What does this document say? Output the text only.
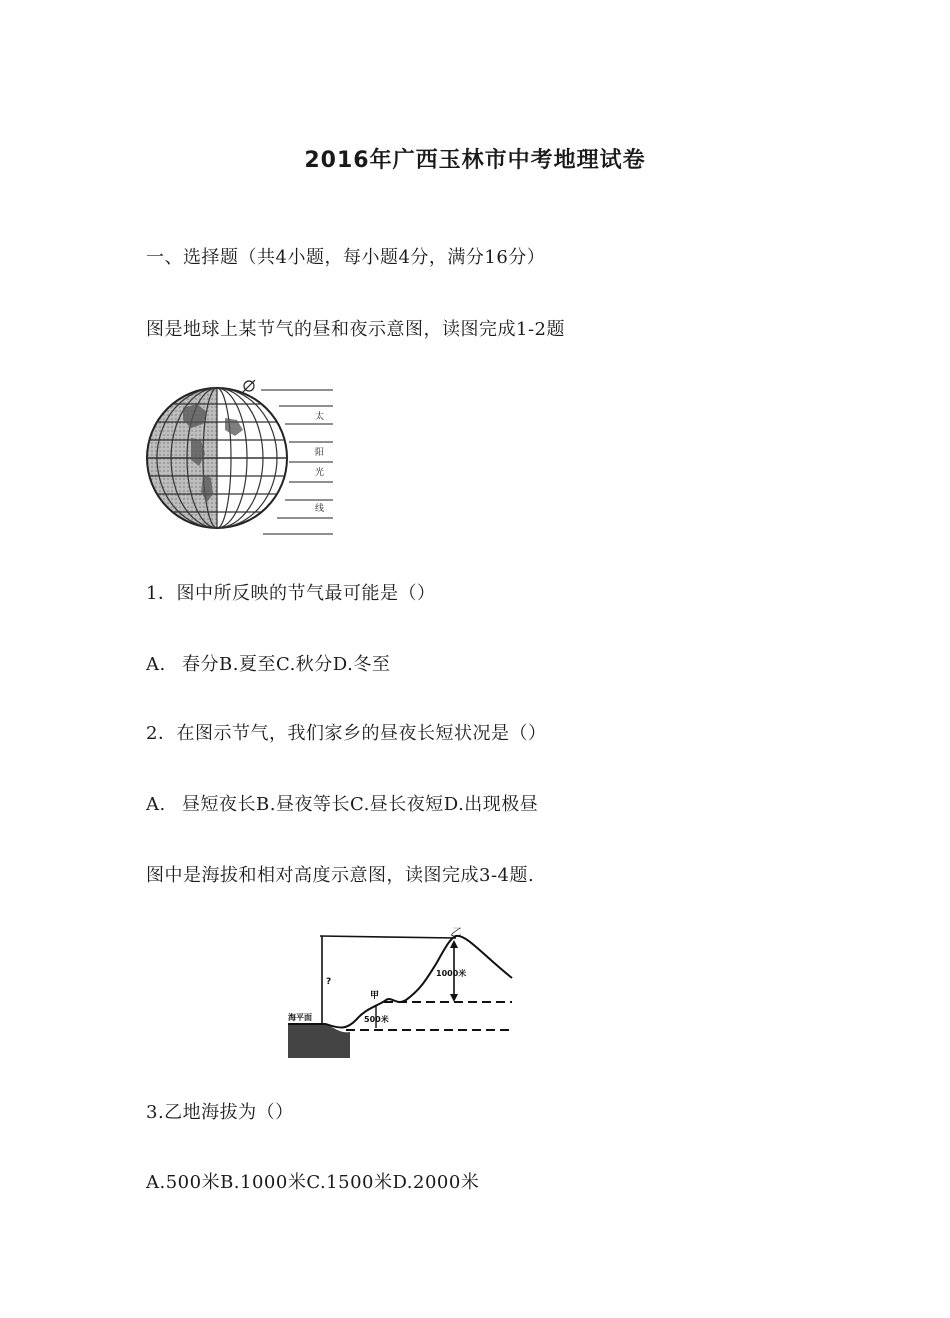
2016年广西玉林市中考地理试卷
一、选择题（共4小题，每小题4分，满分16分）
图是地球上某节气的昼和夜示意图，读图完成1-2题
太
阳
光
线
1．图中所反映的节气最可能是（）
A. 春分B.夏至C.秋分D.冬至
2．在图示节气，我们家乡的昼夜长短状况是（）
A. 昼短夜长B.昼夜等长C.昼长夜短D.出现极昼
图中是海拔和相对高度示意图，读图完成3-4题.
乙
甲
海平面
?
1000米
500米
3.乙地海拔为（）
A.500米B.1000米C.1500米D.2000米
